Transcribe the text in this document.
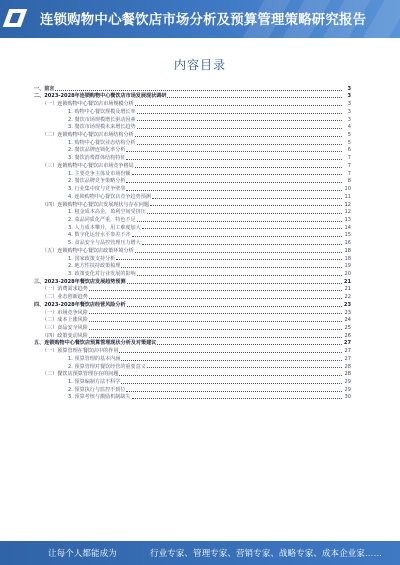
连锁购物中心餐饮店市场分析及预算管理策略研究报告
内容目录
一、前言	3
二、2023-2028年连锁购物中心餐饮店市场发展现状调研	3
（一）连锁购物中心餐饮店市场规模分析	3
1. 购物中心餐饮规模及增长率	3
2. 餐饮市场规模增长驱动因素	3
3. 餐饮市场规模未来增长趋势	4
（二）连锁购物中心餐饮店市场结构分析	5
1. 购物中心餐饮业态结构分析	5
2. 餐饮品牌连锁化率分析	6
3. 餐饮消费群体结构特征	7
（三）连锁购物中心餐饮店市场竞争格局	7
1. 主要竞争主体及市场份额	7
2. 餐饮品牌竞争策略分析	8
3. 行业集中度与竞争壁垒	10
4. 连锁购物中心餐饮店竞争趋势预测	11
（四）连锁购物中心餐饮店发展现状与存在问题	12
1. 租金成本高企，盈利空间受挤压	12
2. 菜品同质化严重，特色不足	13
3. 人力成本攀升，用工难度加大	14
4. 数字化运营水平参差不齐	15
5. 食品安全与品控管理压力增大	16
（五）连锁购物中心餐饮店政策环境分析	18
1. 国家政策支持分析	18
2. 地方性扶持政策梳理	19
3. 政策变化对行业发展的影响	20
三、2023-2028年餐饮店发展趋势预测	21
（一）消费需求趋势	21
（二）业态创新趋势	22
四、2023-2028年餐饮店经营风险分析	23
（一）市场竞争风险	23
（二）成本上涨风险	24
（三）食品安全风险	25
（四）政策变动风险	26
五、连锁购物中心餐饮店预算管理现状分析及对策建议	27
（一）预算管理在餐饮店中的作用	27
1. 预算管理的基本内涵	27
2. 预算管理对餐饮经营的重要意义	28
（二）餐饮店预算管理存在的问题	28
1. 预算编制方法不科学	29
2. 预算执行与监控不到位	29
3. 预算考核与激励机制缺失	30
让每个人都能成为	行业专家、管理专家、营销专家、战略专家、成本企业家……
